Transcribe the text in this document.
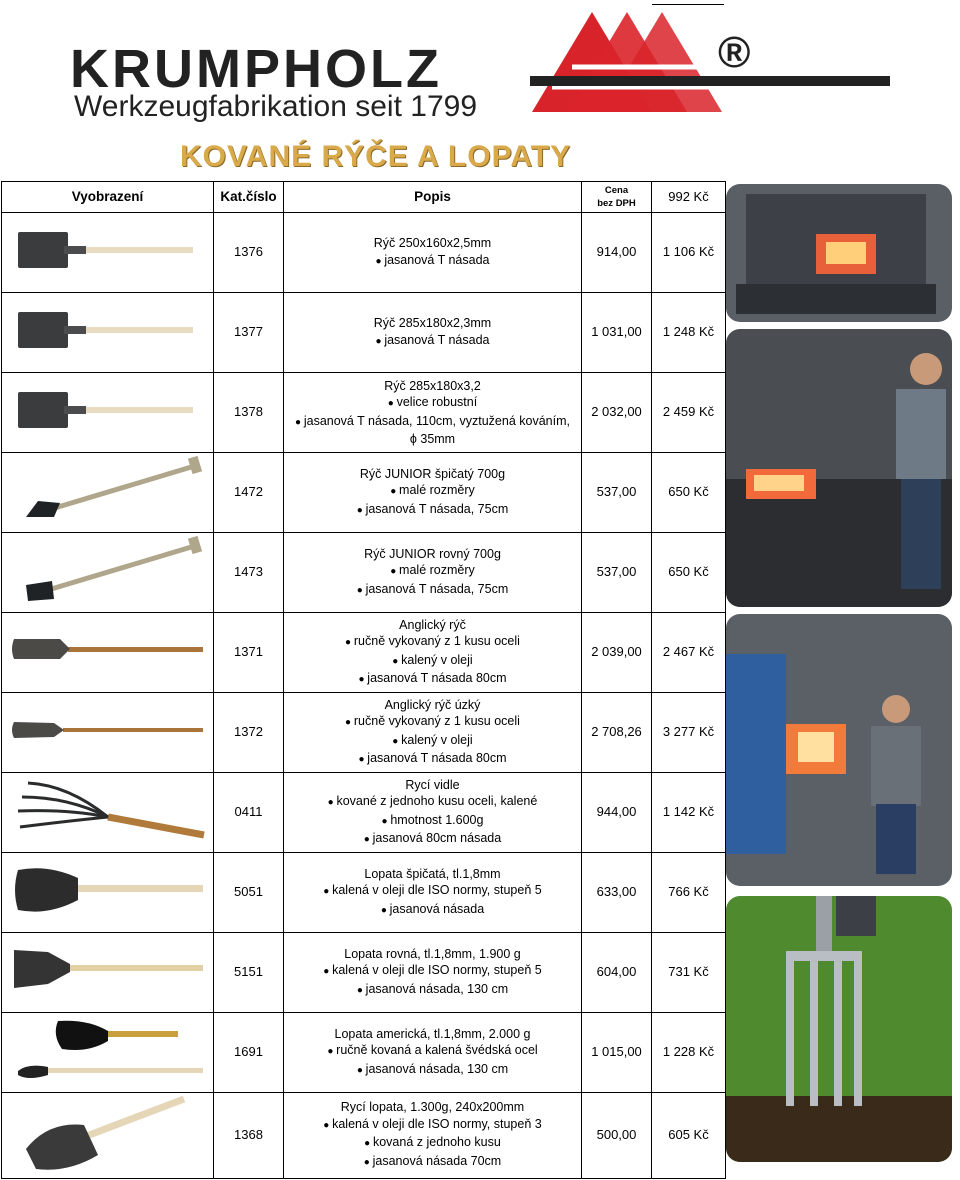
KRUMPHOLZ	®
Werkzeugfabrikation seit 1799
KOVANÉ RÝČE A LOPATY
Vyobrazení	Kat.číslo	Popis	Cena
bez DPH	992 Kč
	1376	Rýč 250x160x2,5mm
● jasanová T násada	914,00	1 106 Kč
	1377	Rýč 285x180x2,3mm
● jasanová T násada	1 031,00	1 248 Kč
	1378	Rýč 285x180x3,2
● velice robustní
● jasanová T násada, 110cm, vyztužená kováním,
ϕ 35mm	2 032,00	2 459 Kč
	1472	Rýč JUNIOR špičatý 700g
● malé rozměry
● jasanová T násada, 75cm	537,00	650 Kč
	1473	Rýč JUNIOR rovný 700g
● malé rozměry
● jasanová T násada, 75cm	537,00	650 Kč
	1371	Anglický rýč
● ručně vykovaný z 1 kusu oceli
● kalený v oleji
● jasanová T násada 80cm	2 039,00	2 467 Kč
	1372	Anglický rýč úzký
● ručně vykovaný z 1 kusu oceli
● kalený v oleji
● jasanová T násada 80cm	2 708,26	3 277 Kč
	0411	Rycí vidle
● kované z jednoho kusu oceli, kalené
● hmotnost 1.600g
● jasanová 80cm násada	944,00	1 142 Kč
	5051	Lopata špičatá, tl.1,8mm
● kalená v oleji dle ISO normy, stupeň 5
● jasanová násada	633,00	766 Kč
	5151	Lopata rovná, tl.1,8mm, 1.900 g
● kalená v oleji dle ISO normy, stupeň 5
● jasanová násada, 130 cm	604,00	731 Kč
	1691	Lopata americká, tl.1,8mm, 2.000 g
● ručně kovaná a kalená švédská ocel
● jasanová násada, 130 cm	1 015,00	1 228 Kč
	1368	Rycí lopata, 1.300g, 240x200mm
● kalená v oleji dle ISO normy, stupeň 3
● kovaná z jednoho kusu
● jasanová násada 70cm	500,00	605 Kč
